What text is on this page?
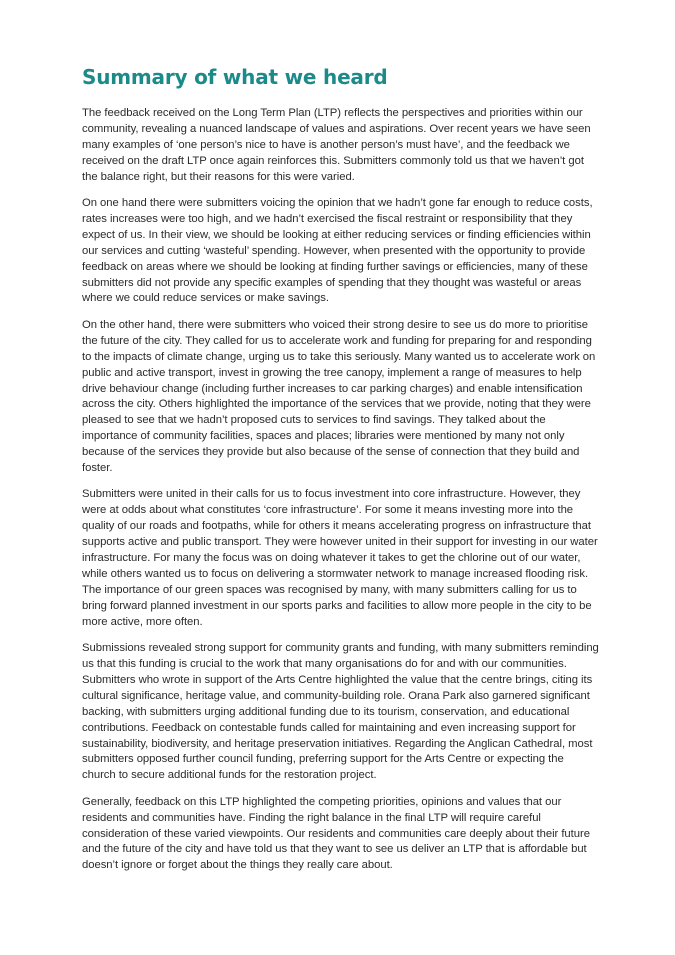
Summary of what we heard

The feedback received on the Long Term Plan (LTP) reflects the perspectives and priorities within our community, revealing a nuanced landscape of values and aspirations. Over recent years we have seen many examples of ‘one person’s nice to have is another person’s must have’, and the feedback we received on the draft LTP once again reinforces this. Submitters commonly told us that we haven’t got the balance right, but their reasons for this were varied.

On one hand there were submitters voicing the opinion that we hadn’t gone far enough to reduce costs, rates increases were too high, and we hadn’t exercised the fiscal restraint or responsibility that they expect of us. In their view, we should be looking at either reducing services or finding efficiencies within our services and cutting ‘wasteful’ spending. However, when presented with the opportunity to provide feedback on areas where we should be looking at finding further savings or efficiencies, many of these submitters did not provide any specific examples of spending that they thought was wasteful or areas where we could reduce services or make savings.

On the other hand, there were submitters who voiced their strong desire to see us do more to prioritise the future of the city. They called for us to accelerate work and funding for preparing for and responding to the impacts of climate change, urging us to take this seriously. Many wanted us to accelerate work on public and active transport, invest in growing the tree canopy, implement a range of measures to help drive behaviour change (including further increases to car parking charges) and enable intensification across the city. Others highlighted the importance of the services that we provide, noting that they were pleased to see that we hadn’t proposed cuts to services to find savings. They talked about the importance of community facilities, spaces and places; libraries were mentioned by many not only because of the services they provide but also because of the sense of connection that they build and foster.

Submitters were united in their calls for us to focus investment into core infrastructure. However, they were at odds about what constitutes ‘core infrastructure’. For some it means investing more into the quality of our roads and footpaths, while for others it means accelerating progress on infrastructure that supports active and public transport. They were however united in their support for investing in our water infrastructure. For many the focus was on doing whatever it takes to get the chlorine out of our water, while others wanted us to focus on delivering a stormwater network to manage increased flooding risk. The importance of our green spaces was recognised by many, with many submitters calling for us to bring forward planned investment in our sports parks and facilities to allow more people in the city to be more active, more often.

Submissions revealed strong support for community grants and funding, with many submitters reminding us that this funding is crucial to the work that many organisations do for and with our communities. Submitters who wrote in support of the Arts Centre highlighted the value that the centre brings, citing its cultural significance, heritage value, and community-building role. Orana Park also garnered significant backing, with submitters urging additional funding due to its tourism, conservation, and educational contributions. Feedback on contestable funds called for maintaining and even increasing support for sustainability, biodiversity, and heritage preservation initiatives. Regarding the Anglican Cathedral, most submitters opposed further council funding, preferring support for the Arts Centre or expecting the church to secure additional funds for the restoration project.

Generally, feedback on this LTP highlighted the competing priorities, opinions and values that our residents and communities have. Finding the right balance in the final LTP will require careful consideration of these varied viewpoints. Our residents and communities care deeply about their future and the future of the city and have told us that they want to see us deliver an LTP that is affordable but doesn’t ignore or forget about the things they really care about.
